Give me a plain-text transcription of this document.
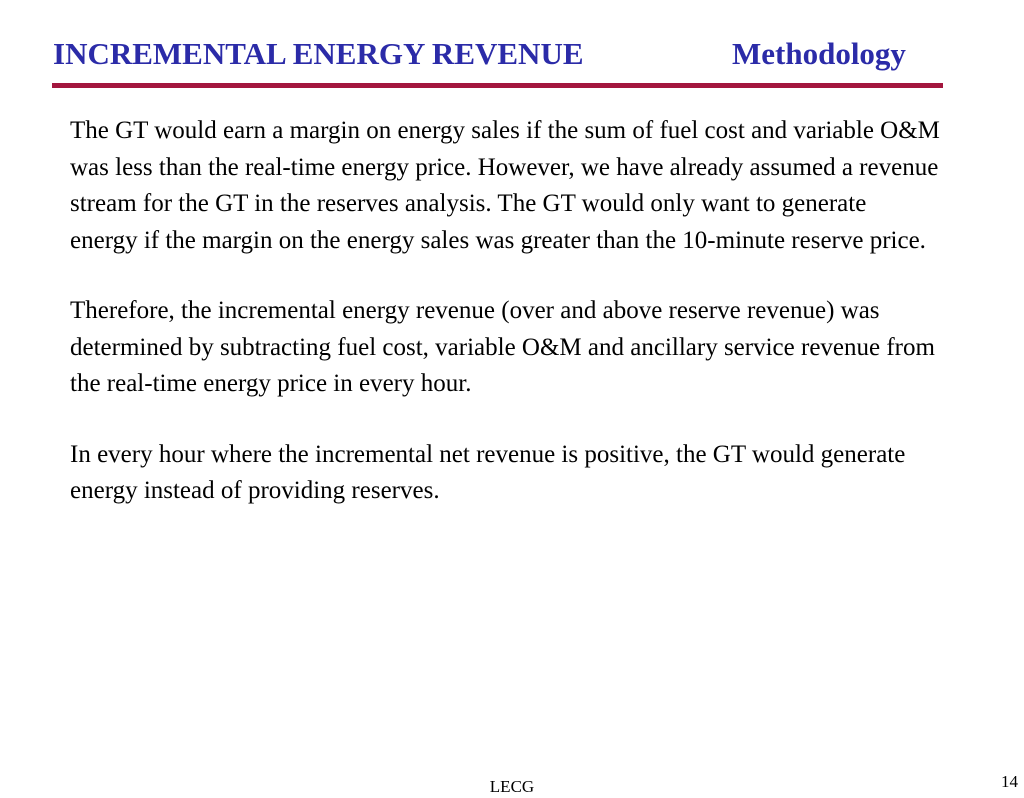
INCREMENTAL ENERGY REVENUE	Methodology

The GT would earn a margin on energy sales if the sum of fuel cost and variable O&M was less than the real-time energy price. However, we have already assumed a revenue stream for the GT in the reserves analysis. The GT would only want to generate energy if the margin on the energy sales was greater than the 10-minute reserve price.

Therefore, the incremental energy revenue (over and above reserve revenue) was determined by subtracting fuel cost, variable O&M and ancillary service revenue from the real-time energy price in every hour.

In every hour where the incremental net revenue is positive, the GT would generate energy instead of providing reserves.

LECG	14
